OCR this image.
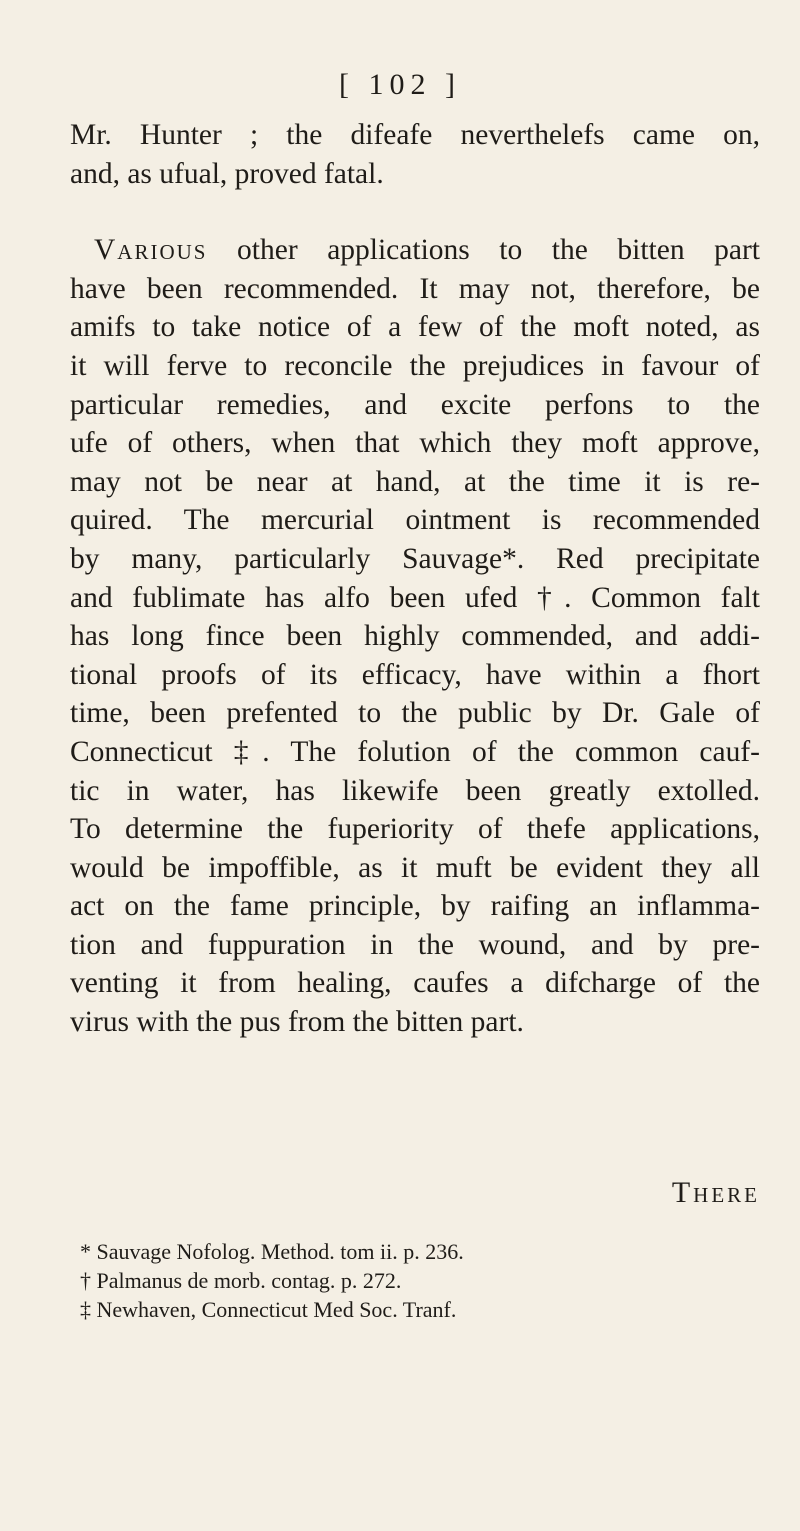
[ 102 ]
Mr. Hunter ; the difeafe neverthelefs came on,
and, as ufual, proved fatal.
Various other applications to the bitten part
have been recommended. It may not, therefore, be
amifs to take notice of a few of the moft noted, as
it will ferve to reconcile the prejudices in favour of
particular remedies, and excite perfons to the
ufe of others, when that which they moft approve,
may not be near at hand, at the time it is re-
quired. The mercurial ointment is recommended
by many, particularly Sauvage*. Red precipitate
and fublimate has alfo been ufed †. Common falt
has long fince been highly commended, and addi-
tional proofs of its efficacy, have within a fhort
time, been prefented to the public by Dr. Gale of
Connecticut ‡. The folution of the common cauf-
tic in water, has likewife been greatly extolled.
To determine the fuperiority of thefe applications,
would be impoffible, as it muft be evident they all
act on the fame principle, by raifing an inflamma-
tion and fuppuration in the wound, and by pre-
venting it from healing, caufes a difcharge of the
virus with the pus from the bitten part.
There
* Sauvage Nofolog. Method. tom ii. p. 236.
† Palmanus de morb. contag. p. 272.
‡ Newhaven, Connecticut Med Soc. Tranf.
